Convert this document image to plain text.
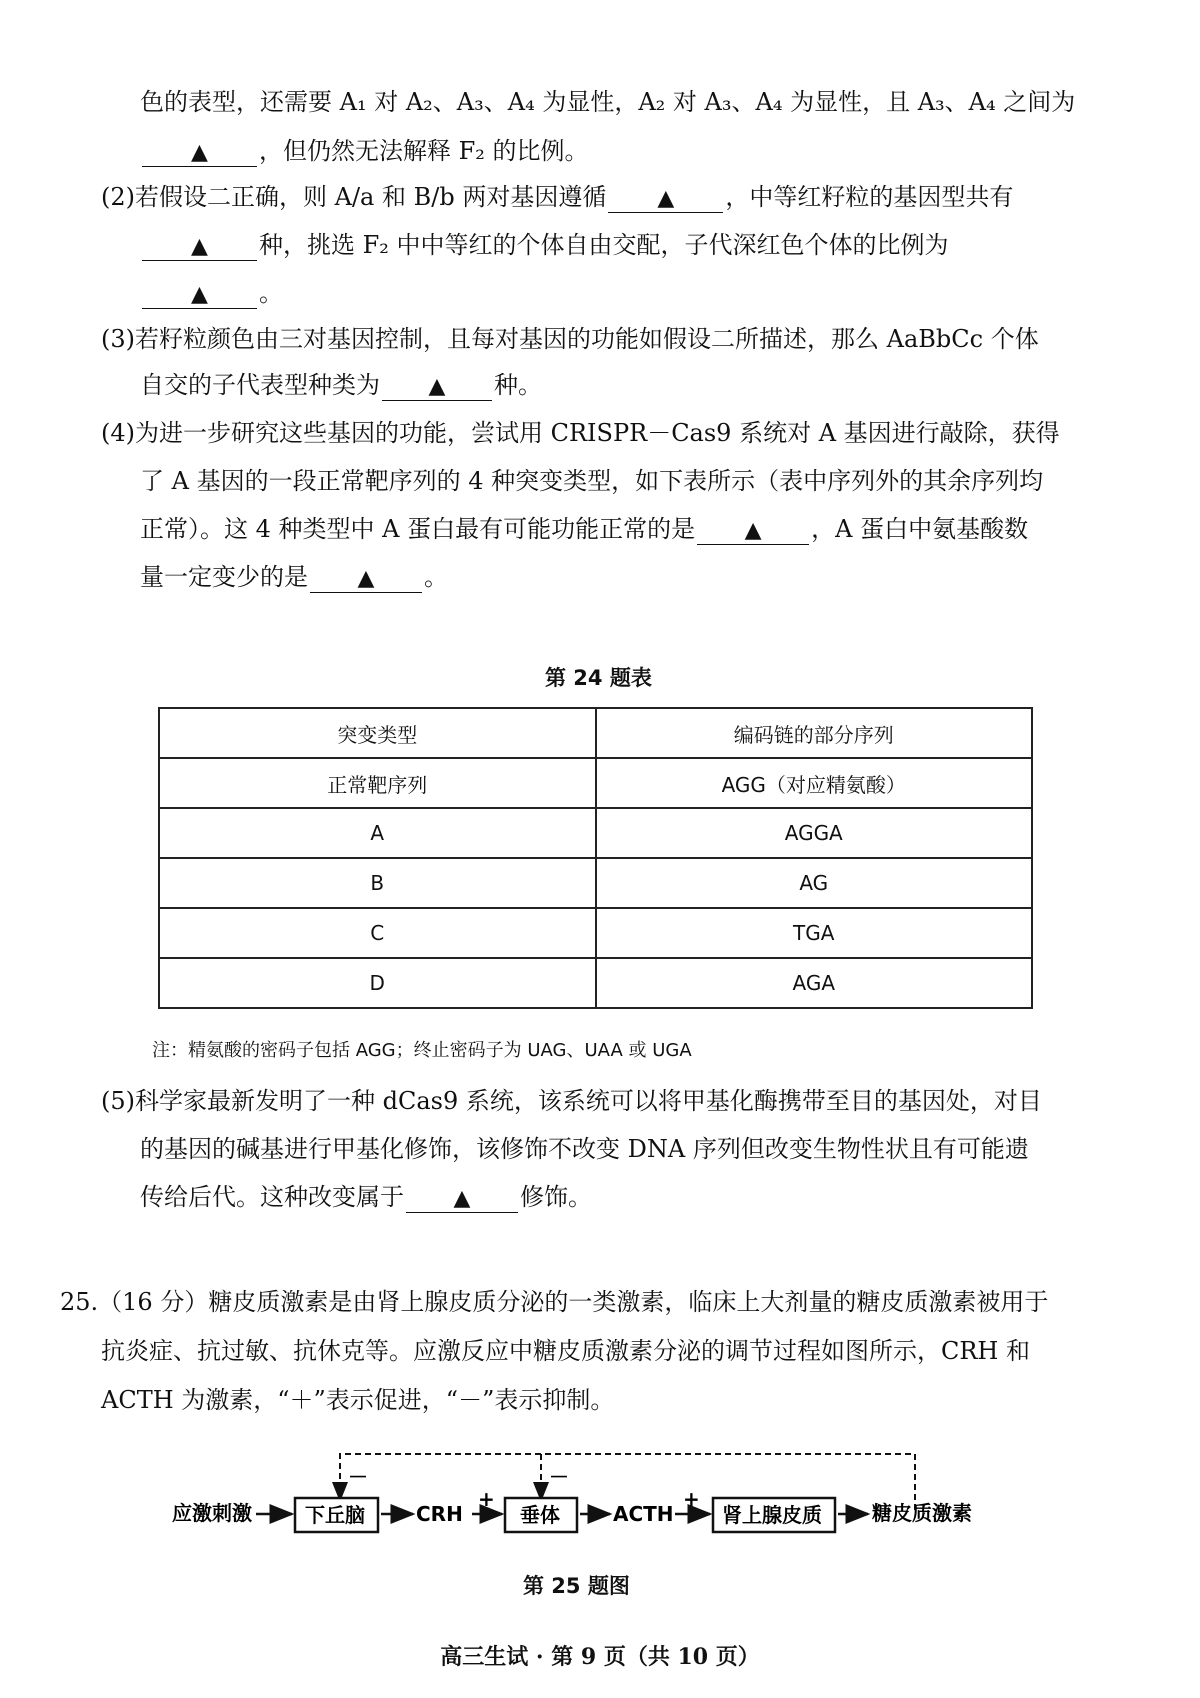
色的表型，还需要 A₁ 对 A₂、A₃、A₄ 为显性，A₂ 对 A₃、A₄ 为显性，且 A₃、A₄ 之间为
▲ ，但仍然无法解释 F₂ 的比例。
(2)若假设二正确，则 A/a 和 B/b 两对基因遵循 ▲ ，中等红籽粒的基因型共有
▲ 种，挑选 F₂ 中中等红的个体自由交配，子代深红色个体的比例为
▲ 。
(3)若籽粒颜色由三对基因控制，且每对基因的功能如假设二所描述，那么 AaBbCc 个体
自交的子代表型种类为 ▲ 种。
(4)为进一步研究这些基因的功能，尝试用 CRISPR－Cas9 系统对 A 基因进行敲除，获得
了 A 基因的一段正常靶序列的 4 种突变类型，如下表所示（表中序列外的其余序列均
正常）。这 4 种类型中 A 蛋白最有可能功能正常的是 ▲ ，A 蛋白中氨基酸数
量一定变少的是 ▲ 。
第 24 题表
突变类型	编码链的部分序列
正常靶序列	AGG（对应精氨酸）
A	AGGA
B	AG
C	TGA
D	AGA
注：精氨酸的密码子包括 AGG；终止密码子为 UAG、UAA 或 UGA
(5)科学家最新发明了一种 dCas9 系统，该系统可以将甲基化酶携带至目的基因处，对目
的基因的碱基进行甲基化修饰，该修饰不改变 DNA 序列但改变生物性状且有可能遗
传给后代。这种改变属于 ▲ 修饰。
25.（16 分）糖皮质激素是由肾上腺皮质分泌的一类激素，临床上大剂量的糖皮质激素被用于
抗炎症、抗过敏、抗休克等。应激反应中糖皮质激素分泌的调节过程如图所示，CRH 和
ACTH 为激素，“＋”表示促进，“－”表示抑制。
－	－
应激刺激	下丘脑	CRH
+
垂体	ACTH
+
肾上腺皮质	糖皮质激素
第 25 题图
高三生试 · 第 9 页（共 10 页）
